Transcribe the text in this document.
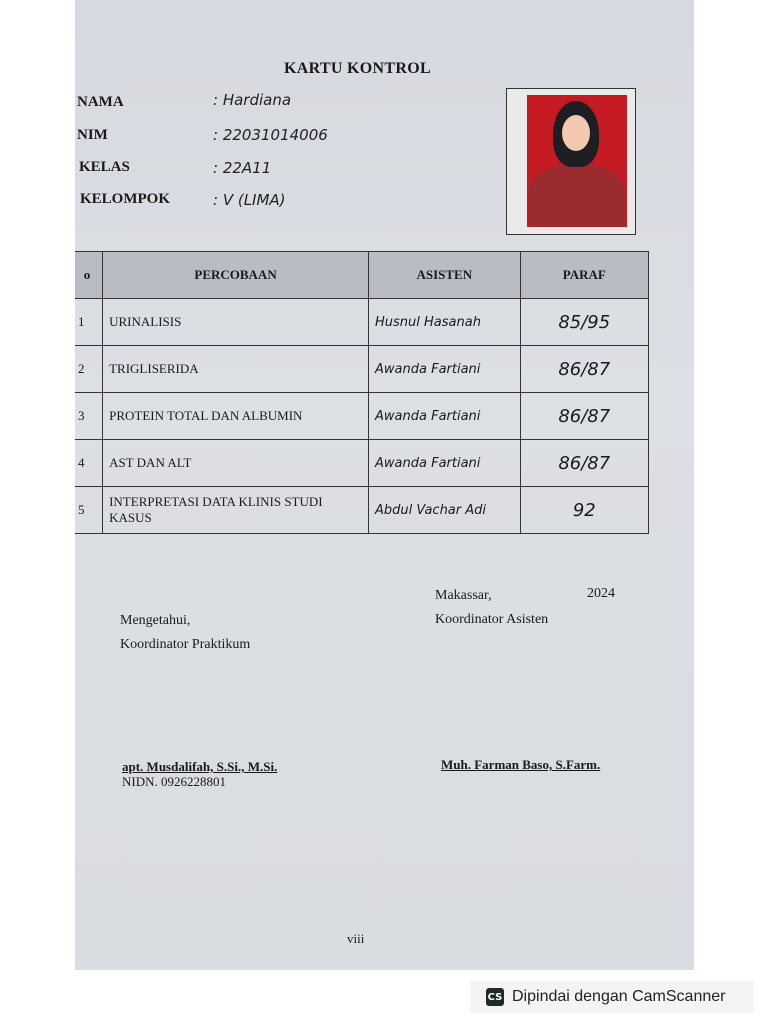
KARTU KONTROL
NAMA	: Hardiana
NIM	: 22031014006
KELAS	: 22A11
KELOMPOK	: V (LIMA)
o	PERCOBAAN	ASISTEN	PARAF
1	URINALISIS	Husnul Hasanah	85/95
2	TRIGLISERIDA	Awanda Fartiani	86/87
3	PROTEIN TOTAL DAN ALBUMIN	Awanda Fartiani	86/87
4	AST DAN ALT	Awanda Fartiani	86/87
5	INTERPRETASI DATA KLINIS STUDI KASUS	Abdul Vachar Adi	92
Makassar,	2024
Mengetahui,
Koordinator Praktikum
Koordinator Asisten
apt. Musdalifah, S.Si., M.Si.
NIDN. 0926228801
Muh. Farman Baso, S.Farm.
viii
CS Dipindai dengan CamScanner
